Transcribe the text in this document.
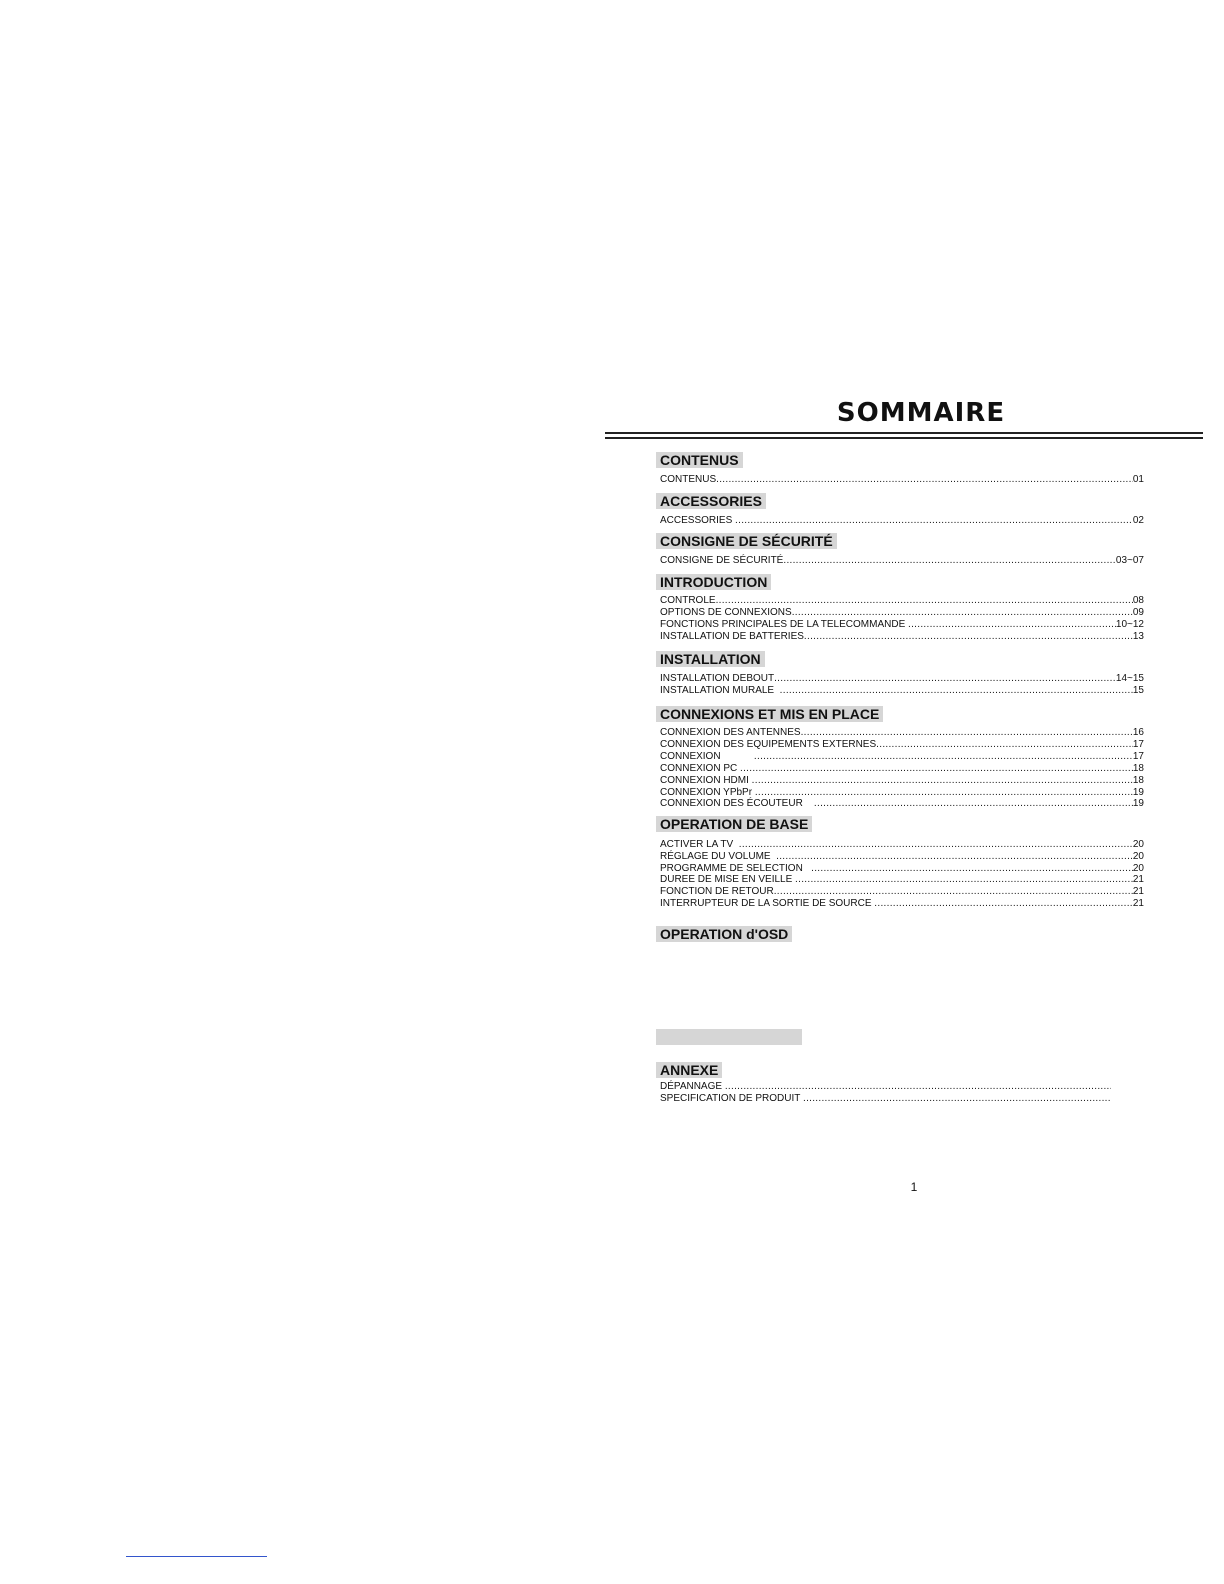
SOMMAIRE
CONTENUS
CONTENUS .....	01
ACCESSORIES
ACCESSORIES .....	02
CONSIGNE DE SÉCURITÉ
CONSIGNE DE SÉCURITÉ .....	03~07
INTRODUCTION
CONTROLE .....	08
OPTIONS DE CONNEXIONS .....	09
FONCTIONS PRINCIPALES DE LA TELECOMMANDE .....	10~12
INSTALLATION DE BATTERIES .....	13
INSTALLATION
INSTALLATION DEBOUT .....	14~15
INSTALLATION MURALE .....	15
CONNEXIONS ET MIS EN PLACE
CONNEXION DES ANTENNES .....	16
CONNEXION DES EQUIPEMENTS EXTERNES .....	17
CONNEXION .....	17
CONNEXION PC .....	18
CONNEXION HDMI .....	18
CONNEXION YPbPr .....	19
CONNEXION DES ÉCOUTEUR .....	19
OPERATION DE BASE
ACTIVER LA TV .....	20
RÉGLAGE DU VOLUME .....	20
PROGRAMME DE SELECTION .....	20
DUREE DE MISE EN VEILLE .....	21
FONCTION DE RETOUR .....	21
INTERRUPTEUR DE LA SORTIE DE SOURCE .....	21
OPERATION d'OSD
ANNEXE
DÉPANNAGE
.....
SPECIFICATION DE PRODUIT
.....
1
